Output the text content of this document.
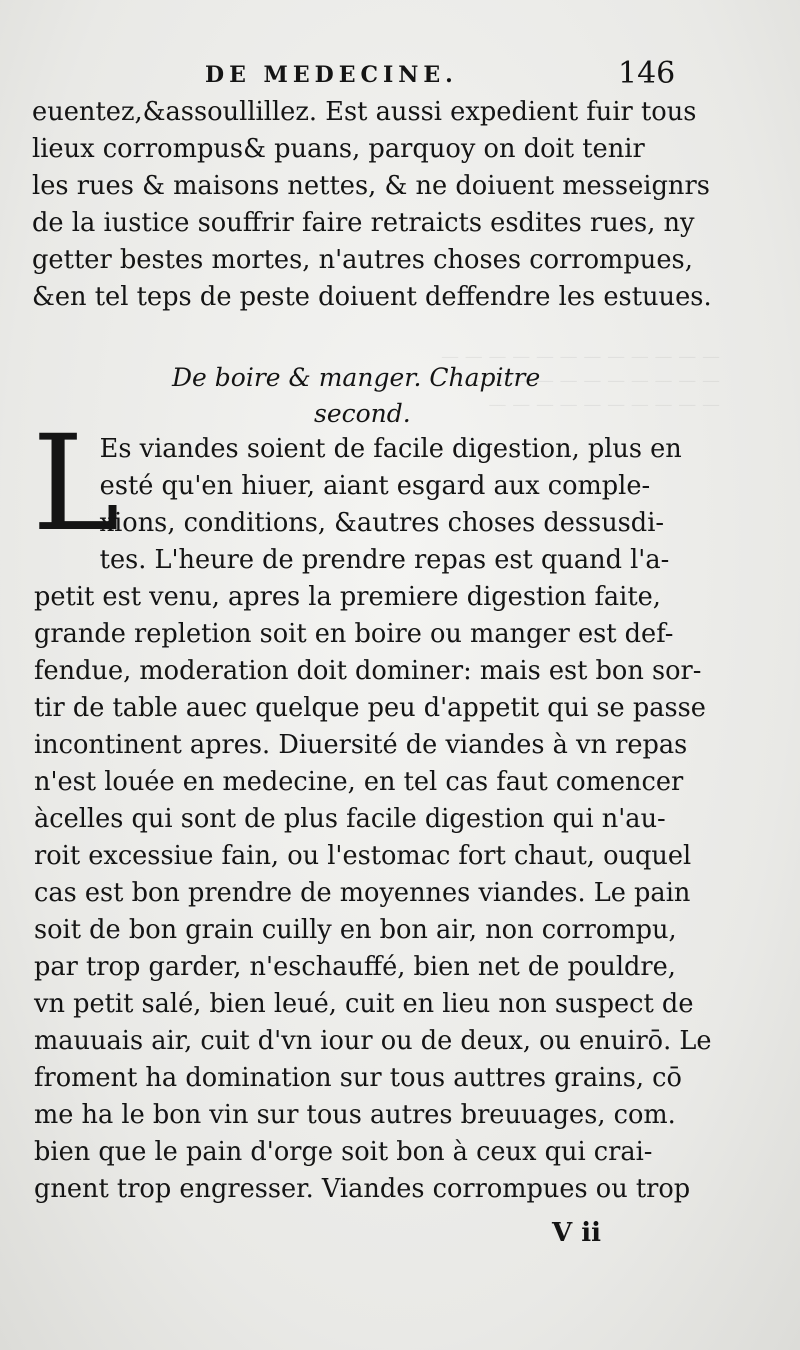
— — — — — — — — — — — —
— — — — — — — — — — —
— — — — — — — — — —
DE MEDECINE.	146
euentez,&assoullillez. Est aussi expedient fuir tous
lieux corrompus& puans, parquoy on doit tenir
les rues & maisons nettes, & ne doiuent messeignrs
de la iustice souffrir faire retraicts esdites rues, ny
getter bestes mortes, n'autres choses corrompues,
&en tel teps de peste doiuent deffendre les estuues.
De boire & manger. Chapitre
second.
L
Es viandes soient de facile digestion, plus en
esté qu'en hiuer, aiant esgard aux comple-
xions, conditions, &autres choses dessusdi-
tes. L'heure de prendre repas est quand l'a-
petit est venu, apres la premiere digestion faite,
grande repletion soit en boire ou manger est def-
fendue, moderation doit dominer: mais est bon sor-
tir de table auec quelque peu d'appetit qui se passe
incontinent apres. Diuersité de viandes à vn repas
n'est louée en medecine, en tel cas faut comencer
àcelles qui sont de plus facile digestion qui n'au-
roit excessiue fain, ou l'estomac fort chaut, ouquel
cas est bon prendre de moyennes viandes. Le pain
soit de bon grain cuilly en bon air, non corrompu,
par trop garder, n'eschauffé, bien net de pouldre,
vn petit salé, bien leué, cuit en lieu non suspect de
mauuais air, cuit d'vn iour ou de deux, ou enuirō. Le
froment ha domination sur tous auttres grains, cō
me ha le bon vin sur tous autres breuuages, com.
bien que le pain d'orge soit bon à ceux qui crai-
gnent trop engresser. Viandes corrompues ou trop
V ii
